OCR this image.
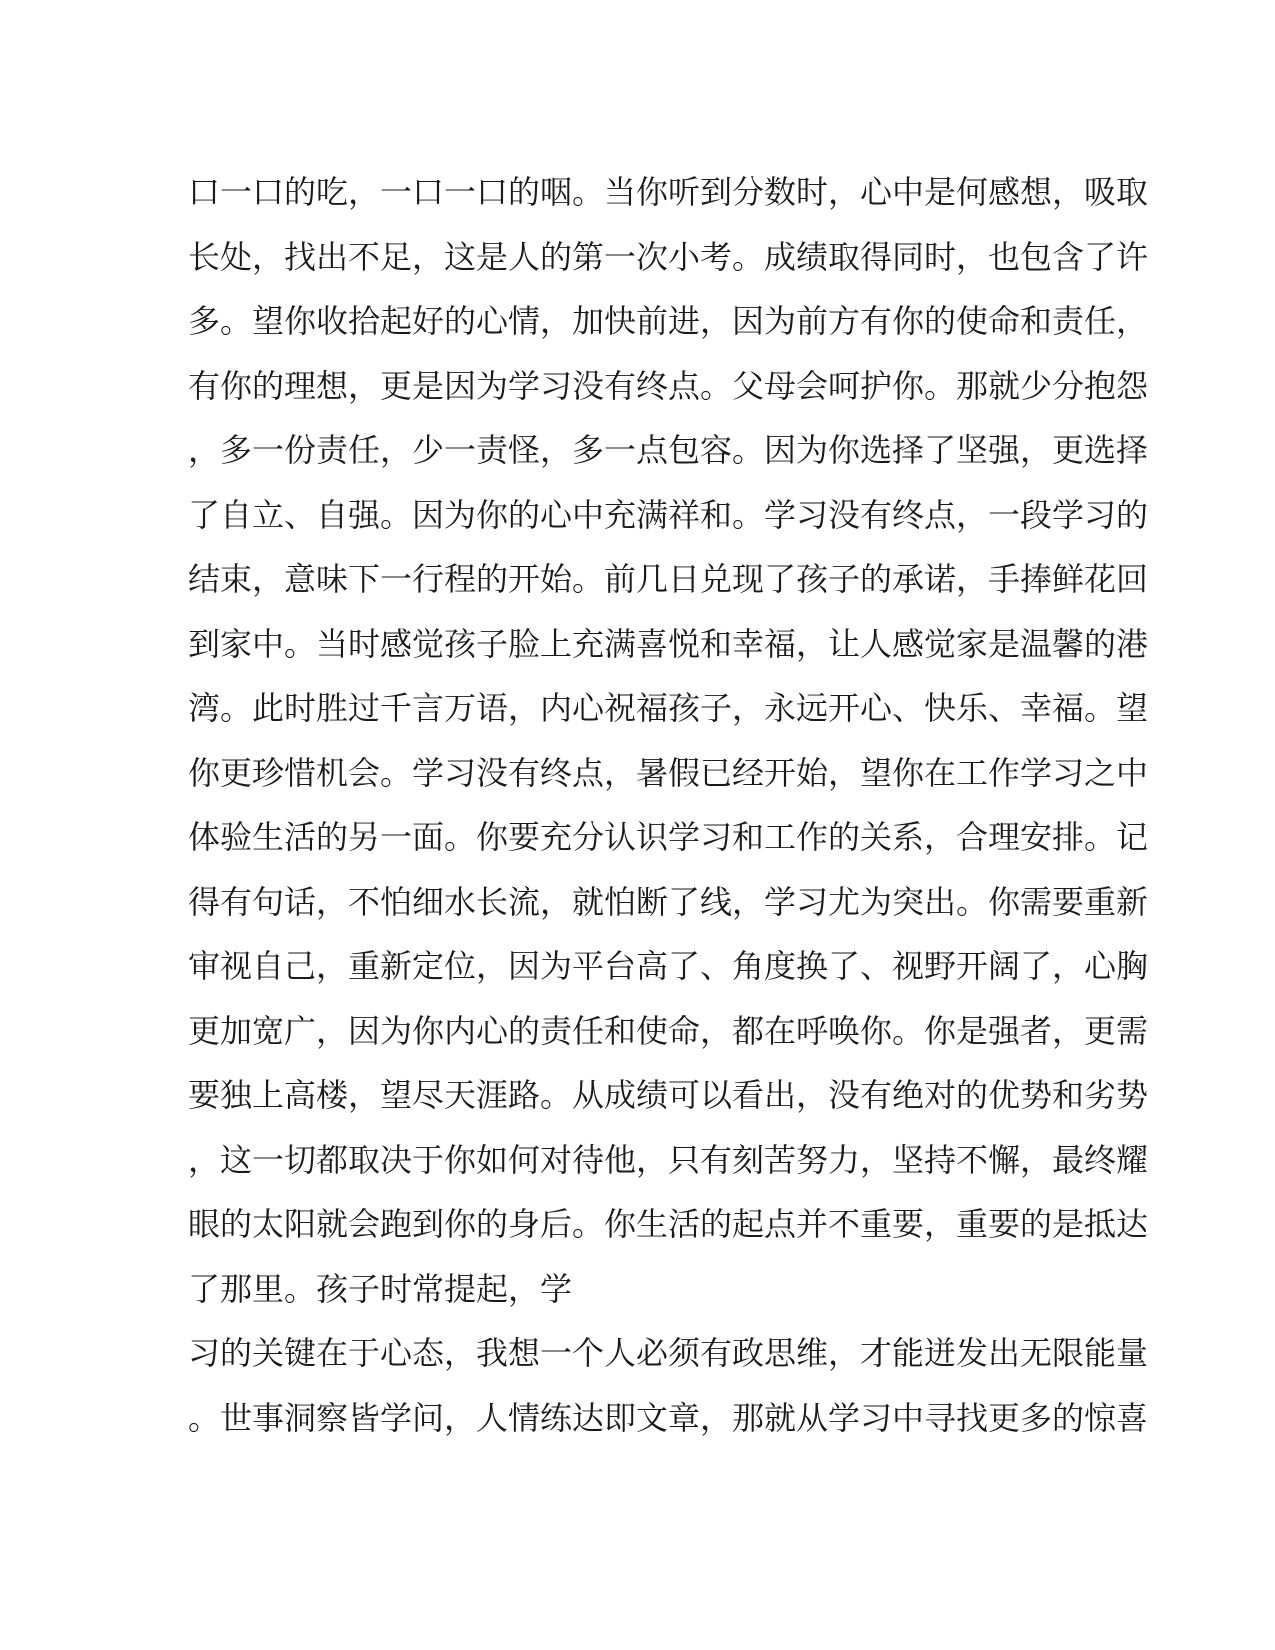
口一口的吃，一口一口的咽。当你听到分数时，心中是何感想，吸取
长处，找出不足，这是人的第一次小考。成绩取得同时，也包含了许
多。望你收拾起好的心情，加快前进，因为前方有你的使命和责任，
有你的理想，更是因为学习没有终点。父母会呵护你。那就少分抱怨
，多一份责任，少一责怪，多一点包容。因为你选择了坚强，更选择
了自立、自强。因为你的心中充满祥和。学习没有终点，一段学习的
结束，意味下一行程的开始。前几日兑现了孩子的承诺，手捧鲜花回
到家中。当时感觉孩子脸上充满喜悦和幸福，让人感觉家是温馨的港
湾。此时胜过千言万语，内心祝福孩子，永远开心、快乐、幸福。望
你更珍惜机会。学习没有终点，暑假已经开始，望你在工作学习之中
体验生活的另一面。你要充分认识学习和工作的关系，合理安排。记
得有句话，不怕细水长流，就怕断了线，学习尤为突出。你需要重新
审视自己，重新定位，因为平台高了、角度换了、视野开阔了，心胸
更加宽广，因为你内心的责任和使命，都在呼唤你。你是强者，更需
要独上高楼，望尽天涯路。从成绩可以看出，没有绝对的优势和劣势
，这一切都取决于你如何对待他，只有刻苦努力，坚持不懈，最终耀
眼的太阳就会跑到你的身后。你生活的起点并不重要，重要的是抵达
了那里。孩子时常提起，学
习的关键在于心态，我想一个人必须有政思维，才能迸发出无限能量
。世事洞察皆学问，人情练达即文章，那就从学习中寻找更多的惊喜
